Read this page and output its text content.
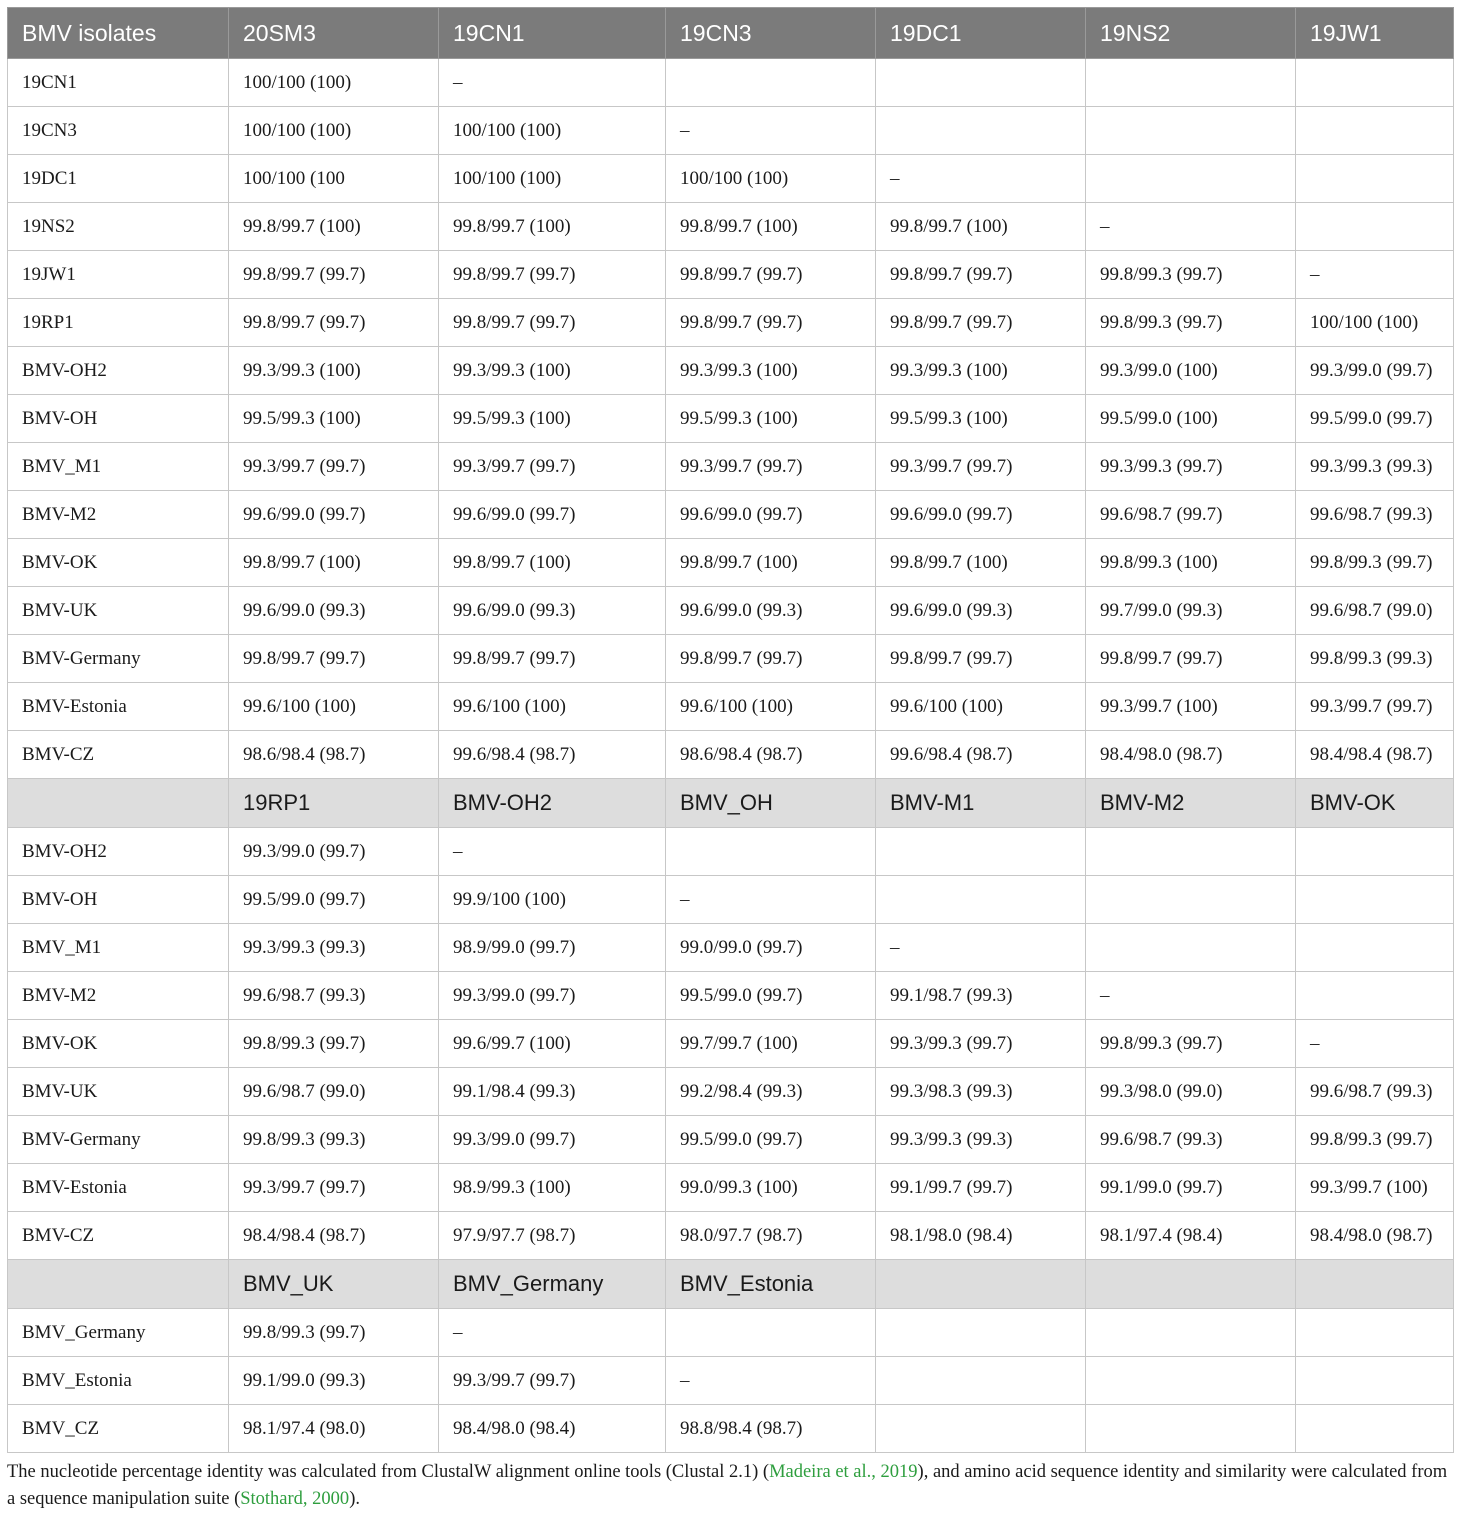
BMV isolates	20SM3	19CN1	19CN3	19DC1	19NS2	19JW1
19CN1	100/100 (100)	–				
19CN3	100/100 (100)	100/100 (100)	–			
19DC1	100/100 (100	100/100 (100)	100/100 (100)	–		
19NS2	99.8/99.7 (100)	99.8/99.7 (100)	99.8/99.7 (100)	99.8/99.7 (100)	–	
19JW1	99.8/99.7 (99.7)	99.8/99.7 (99.7)	99.8/99.7 (99.7)	99.8/99.7 (99.7)	99.8/99.3 (99.7)	–
19RP1	99.8/99.7 (99.7)	99.8/99.7 (99.7)	99.8/99.7 (99.7)	99.8/99.7 (99.7)	99.8/99.3 (99.7)	100/100 (100)
BMV-OH2	99.3/99.3 (100)	99.3/99.3 (100)	99.3/99.3 (100)	99.3/99.3 (100)	99.3/99.0 (100)	99.3/99.0 (99.7)
BMV-OH	99.5/99.3 (100)	99.5/99.3 (100)	99.5/99.3 (100)	99.5/99.3 (100)	99.5/99.0 (100)	99.5/99.0 (99.7)
BMV_M1	99.3/99.7 (99.7)	99.3/99.7 (99.7)	99.3/99.7 (99.7)	99.3/99.7 (99.7)	99.3/99.3 (99.7)	99.3/99.3 (99.3)
BMV-M2	99.6/99.0 (99.7)	99.6/99.0 (99.7)	99.6/99.0 (99.7)	99.6/99.0 (99.7)	99.6/98.7 (99.7)	99.6/98.7 (99.3)
BMV-OK	99.8/99.7 (100)	99.8/99.7 (100)	99.8/99.7 (100)	99.8/99.7 (100)	99.8/99.3 (100)	99.8/99.3 (99.7)
BMV-UK	99.6/99.0 (99.3)	99.6/99.0 (99.3)	99.6/99.0 (99.3)	99.6/99.0 (99.3)	99.7/99.0 (99.3)	99.6/98.7 (99.0)
BMV-Germany	99.8/99.7 (99.7)	99.8/99.7 (99.7)	99.8/99.7 (99.7)	99.8/99.7 (99.7)	99.8/99.7 (99.7)	99.8/99.3 (99.3)
BMV-Estonia	99.6/100 (100)	99.6/100 (100)	99.6/100 (100)	99.6/100 (100)	99.3/99.7 (100)	99.3/99.7 (99.7)
BMV-CZ	98.6/98.4 (98.7)	99.6/98.4 (98.7)	98.6/98.4 (98.7)	99.6/98.4 (98.7)	98.4/98.0 (98.7)	98.4/98.4 (98.7)
	19RP1	BMV-OH2	BMV_OH	BMV-M1	BMV-M2	BMV-OK
BMV-OH2	99.3/99.0 (99.7)	–				
BMV-OH	99.5/99.0 (99.7)	99.9/100 (100)	–			
BMV_M1	99.3/99.3 (99.3)	98.9/99.0 (99.7)	99.0/99.0 (99.7)	–		
BMV-M2	99.6/98.7 (99.3)	99.3/99.0 (99.7)	99.5/99.0 (99.7)	99.1/98.7 (99.3)	–	
BMV-OK	99.8/99.3 (99.7)	99.6/99.7 (100)	99.7/99.7 (100)	99.3/99.3 (99.7)	99.8/99.3 (99.7)	–
BMV-UK	99.6/98.7 (99.0)	99.1/98.4 (99.3)	99.2/98.4 (99.3)	99.3/98.3 (99.3)	99.3/98.0 (99.0)	99.6/98.7 (99.3)
BMV-Germany	99.8/99.3 (99.3)	99.3/99.0 (99.7)	99.5/99.0 (99.7)	99.3/99.3 (99.3)	99.6/98.7 (99.3)	99.8/99.3 (99.7)
BMV-Estonia	99.3/99.7 (99.7)	98.9/99.3 (100)	99.0/99.3 (100)	99.1/99.7 (99.7)	99.1/99.0 (99.7)	99.3/99.7 (100)
BMV-CZ	98.4/98.4 (98.7)	97.9/97.7 (98.7)	98.0/97.7 (98.7)	98.1/98.0 (98.4)	98.1/97.4 (98.4)	98.4/98.0 (98.7)
	BMV_UK	BMV_Germany	BMV_Estonia			
BMV_Germany	99.8/99.3 (99.7)	–				
BMV_Estonia	99.1/99.0 (99.3)	99.3/99.7 (99.7)	–			
BMV_CZ	98.1/97.4 (98.0)	98.4/98.0 (98.4)	98.8/98.4 (98.7)			
The nucleotide percentage identity was calculated from ClustalW alignment online tools (Clustal 2.1) (Madeira et al., 2019), and amino acid sequence identity and similarity were calculated from a sequence manipulation suite (Stothard, 2000).
